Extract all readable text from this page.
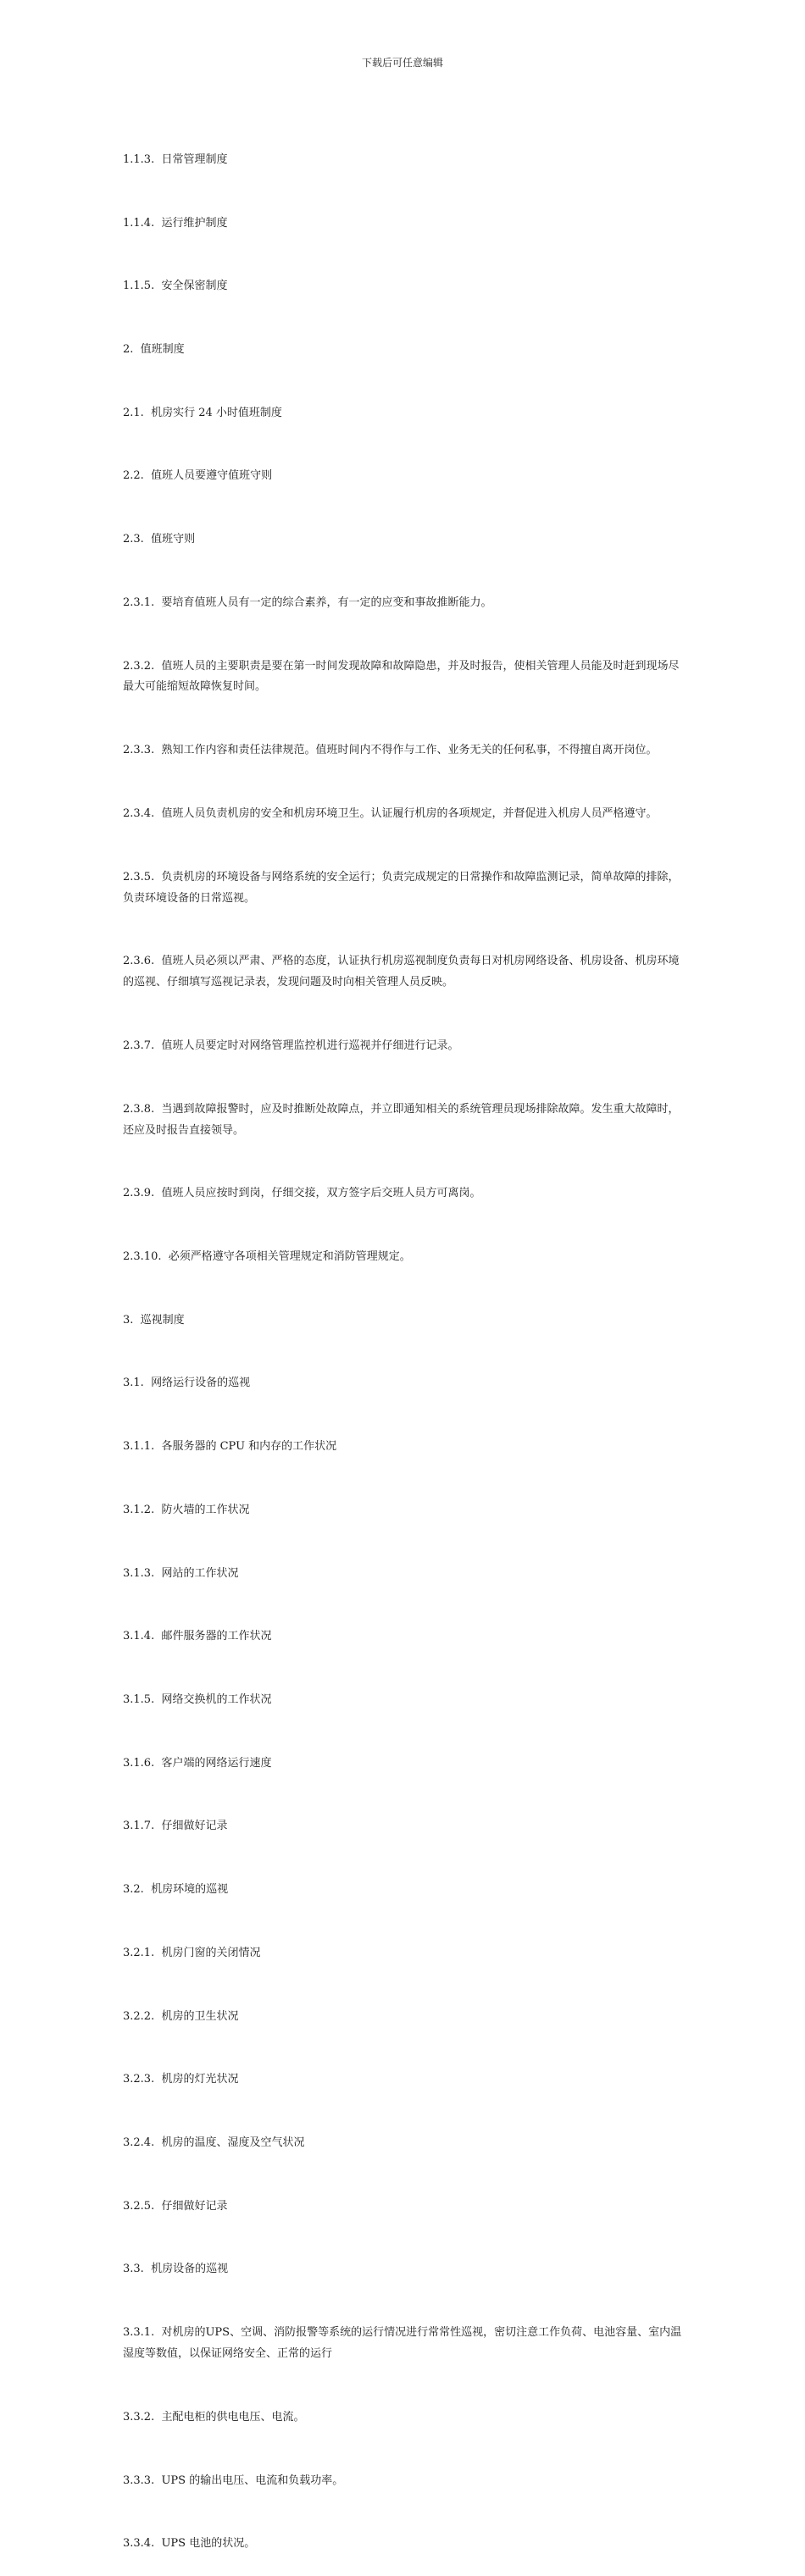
下载后可任意编辑

1.1.3.  日常管理制度

1.1.4.  运行维护制度

1.1.5.  安全保密制度

2.  值班制度

2.1.  机房实行 24 小时值班制度

2.2.  值班人员要遵守值班守则

2.3.  值班守则

2.3.1.  要培育值班人员有一定的综合素养，有一定的应变和事故推断能力。

2.3.2.  值班人员的主要职责是要在第一时间发现故障和故障隐患，并及时报告，使相关管理人员能及时赶到现场尽最大可能缩短故障恢复时间。

2.3.3.  熟知工作内容和责任法律规范。值班时间内不得作与工作、业务无关的任何私事，不得擅自离开岗位。

2.3.4.  值班人员负责机房的安全和机房环境卫生。认证履行机房的各项规定，并督促进入机房人员严格遵守。

2.3.5.  负责机房的环境设备与网络系统的安全运行；负责完成规定的日常操作和故障监测记录，简单故障的排除，负责环境设备的日常巡视。

2.3.6.  值班人员必须以严肃、严格的态度，认证执行机房巡视制度负责每日对机房网络设备、机房设备、机房环境的巡视、仔细填写巡视记录表，发现问题及时向相关管理人员反映。

2.3.7.  值班人员要定时对网络管理监控机进行巡视并仔细进行记录。

2.3.8.  当遇到故障报警时，应及时推断处故障点，并立即通知相关的系统管理员现场排除故障。发生重大故障时，还应及时报告直接领导。

2.3.9.  值班人员应按时到岗，仔细交接，双方签字后交班人员方可离岗。

2.3.10.  必须严格遵守各项相关管理规定和消防管理规定。

3.  巡视制度

3.1.  网络运行设备的巡视

3.1.1.  各服务器的 CPU 和内存的工作状况

3.1.2.  防火墙的工作状况

3.1.3.  网站的工作状况

3.1.4.  邮件服务器的工作状况

3.1.5.  网络交换机的工作状况

3.1.6.  客户端的网络运行速度

3.1.7.  仔细做好记录

3.2.  机房环境的巡视

3.2.1.  机房门窗的关闭情况

3.2.2.  机房的卫生状况

3.2.3.  机房的灯光状况

3.2.4.  机房的温度、湿度及空气状况

3.2.5.  仔细做好记录

3.3.  机房设备的巡视

3.3.1.  对机房的UPS、空调、消防报警等系统的运行情况进行常常性巡视，密切注意工作负荷、电池容量、室内温湿度等数值，以保证网络安全、正常的运行

3.3.2.  主配电柜的供电电压、电流。

3.3.3.  UPS 的输出电压、电流和负载功率。

3.3.4.  UPS 电池的状况。
